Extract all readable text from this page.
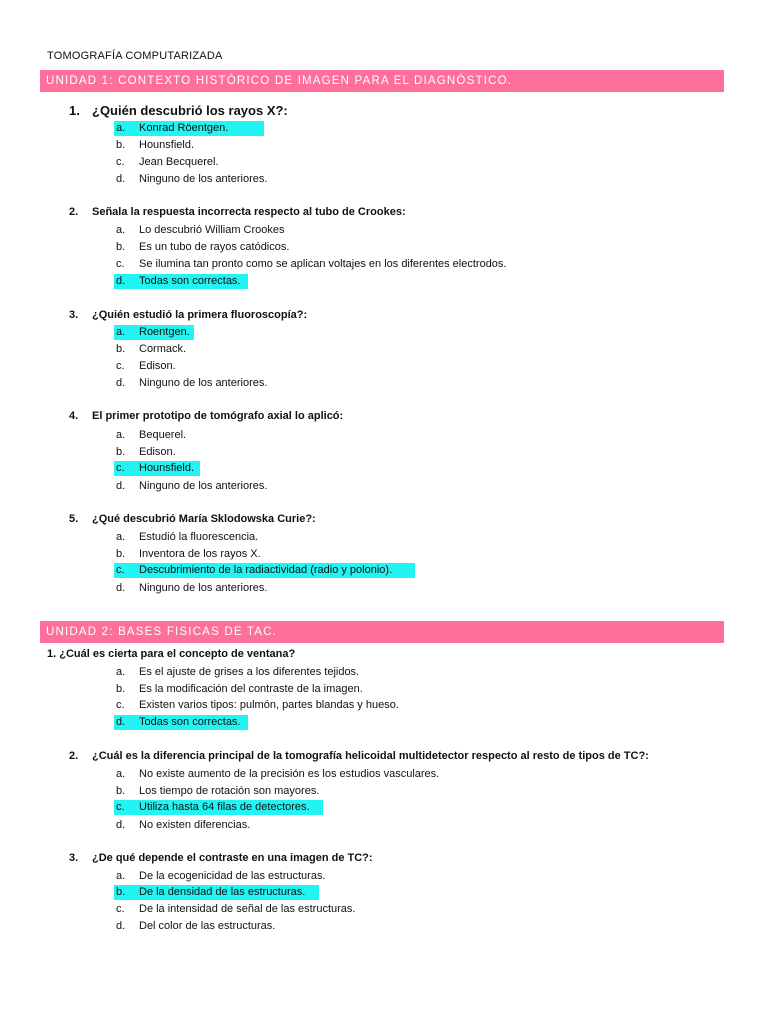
TOMOGRAFÍA COMPUTARIZADA
UNIDAD 1: CONTEXTO HISTÓRICO DE IMAGEN PARA EL DIAGNÓSTICO.
1. ¿Quién descubrió los rayos X?:
a. Konrad Röentgen.
b. Hounsfield.
c. Jean Becquerel.
d. Ninguno de los anteriores.
2. Señala la respuesta incorrecta respecto al tubo de Crookes:
a. Lo descubrió William Crookes
b. Es un tubo de rayos catódicos.
c. Se ilumina tan pronto como se aplican voltajes en los diferentes electrodos.
d. Todas son correctas.
3. ¿Quién estudió la primera fluoroscopía?:
a. Roentgen.
b. Cormack.
c. Edison.
d. Ninguno de los anteriores.
4. El primer prototipo de tomógrafo axial lo aplicó:
a. Bequerel.
b. Edison.
c. Hounsfield.
d. Ninguno de los anteriores.
5. ¿Qué descubrió María Sklodowska Curie?:
a. Estudió la fluorescencia.
b. Inventora de los rayos X.
c. Descubrimiento de la radiactividad (radio y polonio).
d. Ninguno de los anteriores.
UNIDAD 2: BASES FISICAS DE TAC.
1. ¿Cuál es cierta para el concepto de ventana?
a. Es el ajuste de grises a los diferentes tejidos.
b. Es la modificación del contraste de la imagen.
c. Existen varios tipos: pulmón, partes blandas y hueso.
d. Todas son correctas.
2. ¿Cuál es la diferencia principal de la tomografía helicoidal multidetector respecto al resto de tipos de TC?:
a. No existe aumento de la precisión es los estudios vasculares.
b. Los tiempo de rotación son mayores.
c. Utiliza hasta 64 filas de detectores.
d. No existen diferencias.
3. ¿De qué depende el contraste en una imagen de TC?:
a. De la ecogenicidad de las estructuras.
b. De la densidad de las estructuras.
c. De la intensidad de señal de las estructuras.
d. Del color de las estructuras.
